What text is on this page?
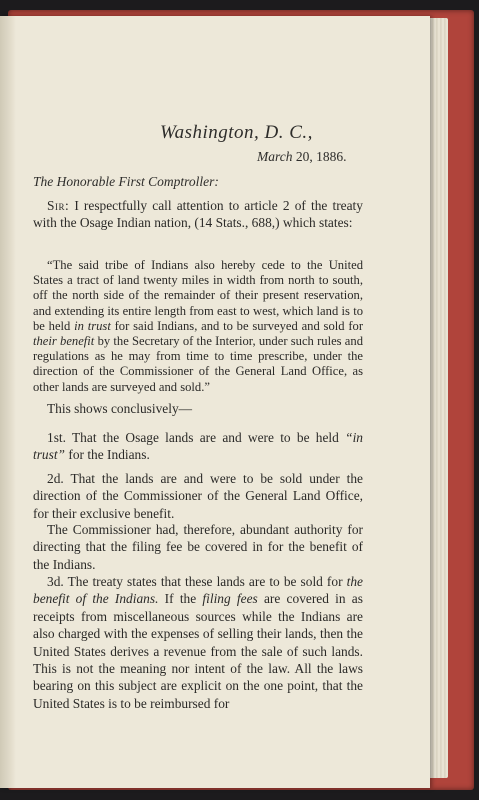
Washington, D. C.,
March 20, 1886.
The Honorable First Comptroller:
Sir: I respectfully call attention to article 2 of the treaty with the Osage Indian nation, (14 Stats., 688,) which states:
“The said tribe of Indians also hereby cede to the United States a tract of land twenty miles in width from north to south, off the north side of the remainder of their present reservation, and extending its entire length from east to west, which land is to be held in trust for said Indians, and to be surveyed and sold for their benefit by the Secretary of the Interior, under such rules and regulations as he may from time to time prescribe, under the direction of the Commissioner of the General Land Office, as other lands are surveyed and sold.”
This shows conclusively—
1st. That the Osage lands are and were to be held “in trust” for the Indians.
2d. That the lands are and were to be sold under the direction of the Commissioner of the General Land Office, for their exclusive benefit.
The Commissioner had, therefore, abundant authority for directing that the filing fee be covered in for the benefit of the Indians.
3d. The treaty states that these lands are to be sold for the benefit of the Indians. If the filing fees are covered in as receipts from miscellaneous sources while the Indians are also charged with the expenses of selling their lands, then the United States derives a revenue from the sale of such lands. This is not the meaning nor intent of the law. All the laws bearing on this subject are explicit on the one point, that the United States is to be reimbursed for
